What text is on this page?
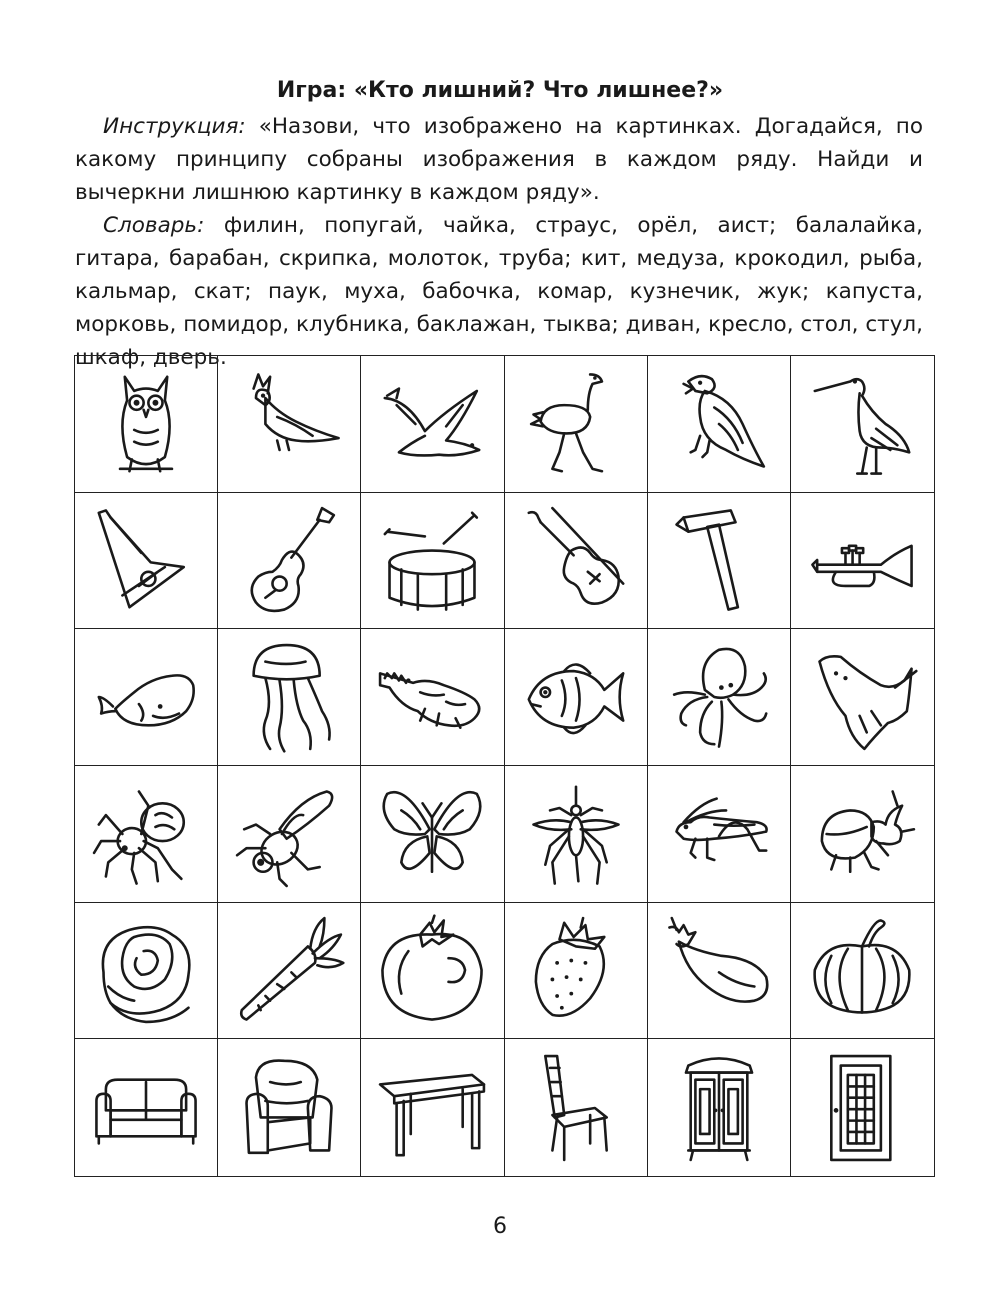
Игра: «Кто лишний? Что лишнее?»
Инструкция: «Назови, что изображено на картинках. Догадайся, по какому принципу собраны изображения в каждом ряду. Найди и вычеркни лишнюю картинку в каждом ряду».
Словарь: филин, попугай, чайка, страус, орёл, аист; балалайка, гитара, барабан, скрипка, молоток, труба; кит, медуза, крокодил, рыба, кальмар, скат; паук, муха, бабочка, комар, кузнечик, жук; капуста, морковь, помидор, клубника, баклажан, тыква; диван, кресло, стол, стул, шкаф, дверь.
6
